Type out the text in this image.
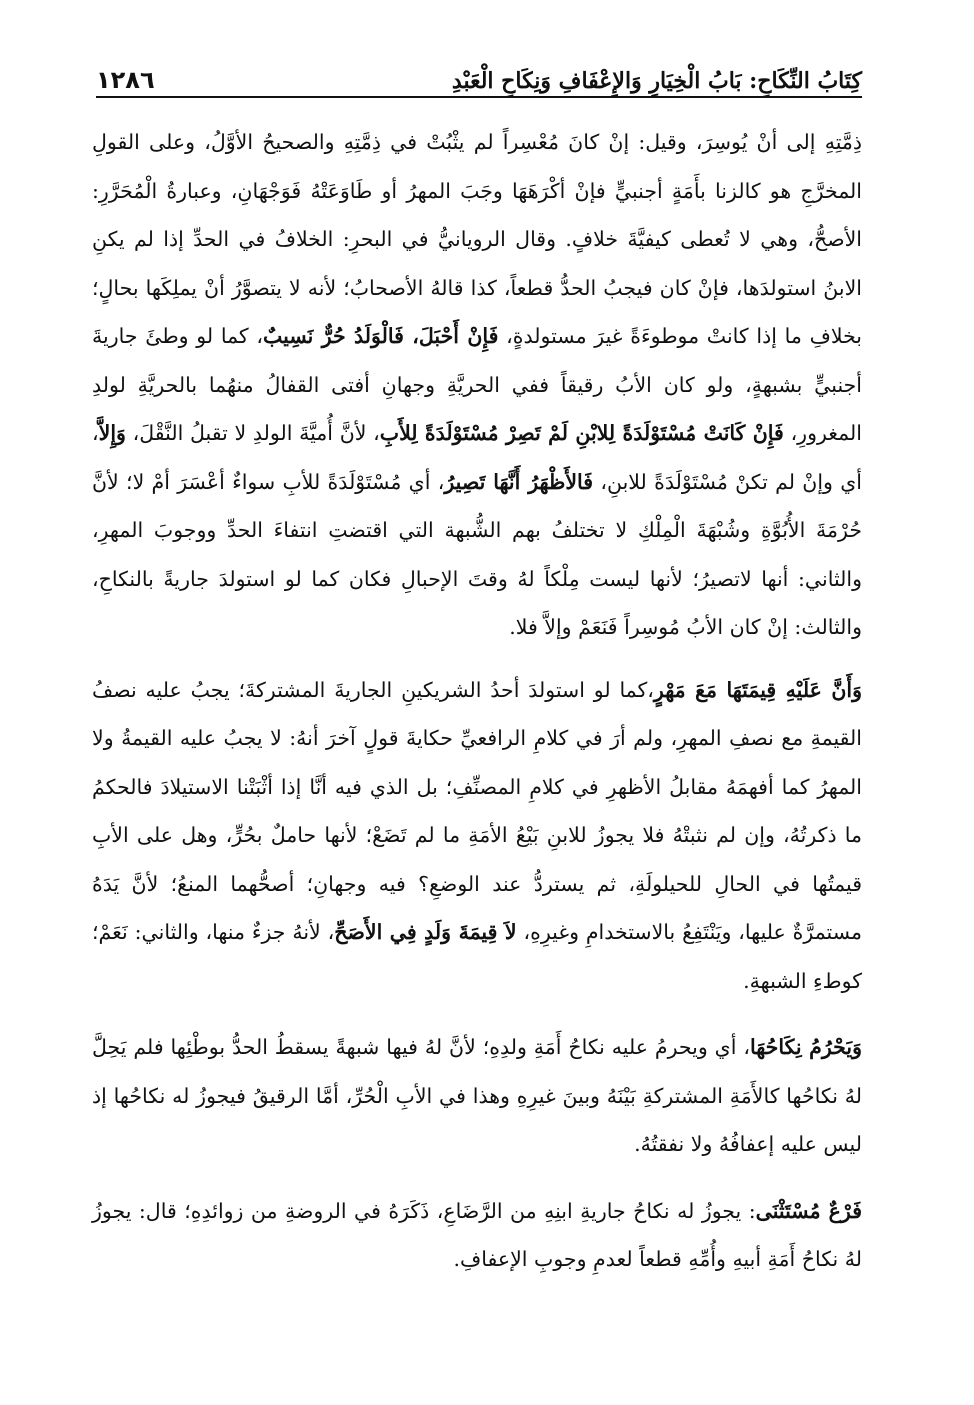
١٢٨٦	كِتَابُ النِّكَاحِ: بَابُ الْخِيَارِ وَالإِعْفَافِ وَنِكَاحِ الْعَبْدِ

ذِمَّتِهِ إلى أنْ يُوسِرَ، وقيل: إنْ كانَ مُعْسِراً لم يثْبُتْ في ذِمَّتِهِ والصحيحُ الأوَّلُ، وعلى القولِ المخرَّجِ هو كالزنا بأَمَةٍ أجنبيٍّ فإنْ أكْرَهَهَا وجَبَ المهرُ أو طَاوَعَتْهُ فَوَجْهَانِ، وعبارةُ الْمُحَرَّرِ: الأصحُّ، وهي لا تُعطى كيفيَّةَ خلافٍ. وقال الرويانيُّ في البحرِ: الخلافُ في الحدِّ إذا لم يكنِ الابنُ استولدَها، فإنْ كان فيجبُ الحدُّ قطعاً، كذا قالهُ الأصحابُ؛ لأنه لا يتصوَّرُ أنْ يملِكَها بحالٍ؛ بخلافِ ما إذا كانتْ موطوءَةً غيرَ مستولدةٍ، فَإِنْ أَحْبَلَ، فَالْوَلَدُ حُرٌّ نَسِيبٌ، كما لو وطئَ جاريةَ أجنبيٍّ بشبهةٍ، ولو كان الأبُ رقيقاً ففي الحريَّةِ وجهانِ أفتى القفالُ منهُما بالحريَّةِ لولدِ المغرورِ، فَإِنْ كَانَتْ مُسْتَوْلَدَةً لِلابْنِ لَمْ تَصِرْ مُسْتَوْلَدَةً لِلأَبِ، لأنَّ أُميَّةَ الولدِ لا تقبلُ النَّقْلَ، وَإِلاَّ، أي وإنْ لم تكنْ مُسْتَوْلَدَةً للابنِ، فَالأَظْهَرُ أَنَّهَا تَصِيرُ، أي مُسْتَوْلَدَةً للأبِ سواءٌ أعْسَرَ أمْ لا؛ لأنَّ حُرْمَةَ الأُبُوَّةِ وشُبْهَةَ الْمِلْكِ لا تختلفُ بهم الشُّبهة التي اقتضتِ انتفاءَ الحدِّ ووجوبَ المهرِ، والثاني: أنها لاتصيرُ؛ لأنها ليست مِلْكاً لهُ وقتَ الإحبالِ فكان كما لو استولدَ جاريةً بالنكاحِ، والثالث: إنْ كان الأبُ مُوسِراً فَنَعَمْ وإلاَّ فلا.

وَأَنَّ عَلَيْهِ قِيمَتَهَا مَعَ مَهْرٍ،كما لو استولدَ أحدُ الشريكينِ الجاريةَ المشتركةَ؛ يجبُ عليه نصفُ القيمةِ مع نصفِ المهرِ، ولم أرَ في كلامِ الرافعيِّ حكايةَ قولٍ آخرَ أنهُ: لا يجبُ عليه القيمةُ ولا المهرُ كما أفهمَهُ مقابلُ الأظهرِ في كلامِ المصنِّفِ؛ بل الذي فيه أنَّا إذا أثْبَتْنا الاستيلادَ فالحكمُ ما ذكرتُهُ، وإن لم نثبتْهُ فلا يجوزُ للابنِ بَيْعُ الأمَةِ ما لم تَضَعْ؛ لأنها حاملٌ بحُرٍّ، وهل على الأبِ قيمتُها في الحالِ للحيلولَةِ، ثم يستردُّ عند الوضعِ؟ فيه وجهانِ؛ أصحُّهما المنعُ؛ لأنَّ يَدَهُ مستمرَّةٌ عليها، ويَنْتَفِعُ بالاستخدامِ وغيرِهِ، لاَ قِيمَةَ وَلَدٍ فِي الأَصَحِّ، لأنهُ جزءٌ منها، والثاني: نَعَمْ؛ كوطءِ الشبهةِ.

وَيَحْرُمُ نِكَاحُهَا، أي ويحرمُ عليه نكاحُ أَمَةِ ولدِهِ؛ لأنَّ لهُ فيها شبهةً يسقطُ الحدُّ بوطْئِها فلم يَحِلَّ لهُ نكاحُها كالأَمَةِ المشتركةِ بَيْنَهُ وبينَ غيرِهِ وهذا في الأبِ الْحُرِّ، أمَّا الرقيقُ فيجوزُ له نكاحُها إذ ليس عليه إعفافُهُ ولا نفقتُهُ.

فَرْعٌ مُسْتَثْنَى: يجوزُ له نكاحُ جاريةِ ابنِهِ من الرَّضَاعِ، ذَكَرَهُ في الروضةِ من زوائدِهِ؛ قال: يجوزُ لهُ نكاحُ أَمَةِ أبيهِ وأُمِّهِ قطعاً لعدمِ وجوبِ الإعفافِ.
